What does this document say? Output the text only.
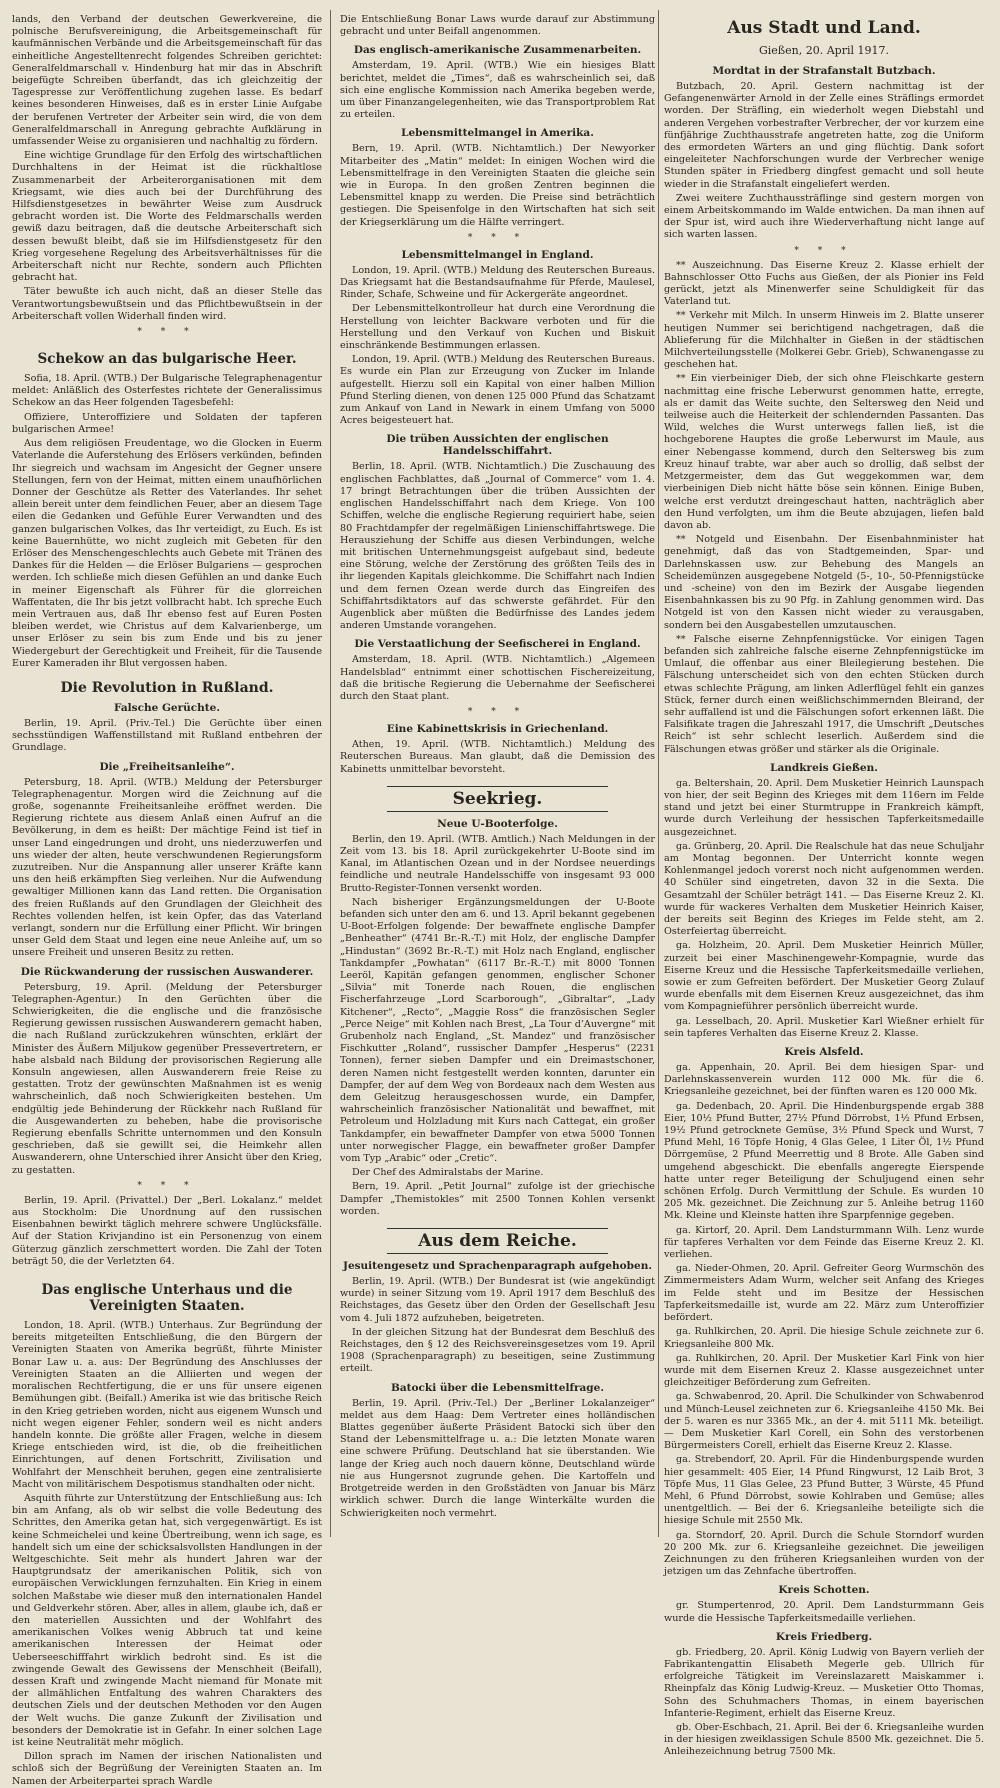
lands, den Verband der deutschen Gewerkvereine, die polnische Berufsvereinigung, die Arbeitsgemeinschaft für kaufmännischen Verbände und die Arbeitsgemeinschaft für das einheitliche Angestelltenrecht folgendes Schreiben gerichtet: Generalfeldmarschall v. Hindenburg hat mir das in Abschrift beigefügte Schreiben überfandt, das ich gleichzeitig der Tagespresse zur Veröffentlichung zugehen lasse. Es bedarf keines besonderen Hinweises, daß es in erster Linie Aufgabe der berufenen Vertreter der Arbeiter sein wird, die von dem Generalfeldmarschall in Anregung gebrachte Aufklärung in umfassender Weise zu organisieren und nachhaltig zu fördern.

Eine wichtige Grundlage für den Erfolg des wirtschaftlichen Durchhaltens in der Heimat ist die rückhaltlose Zusammenarbeit der Arbeiterorganisationen mit dem Kriegsamt, wie dies auch bei der Durchführung des Hilfsdienstgesetzes in bewährter Weise zum Ausdruck gebracht worden ist. Die Worte des Feldmarschalls werden gewiß dazu beitragen, daß die deutsche Arbeiterschaft sich dessen bewußt bleibt, daß sie im Hilfsdienstgesetz für den Krieg vorgesehene Regelung des Arbeitsverhältnisses für die Arbeiterschaft nicht nur Rechte, sondern auch Pflichten gebracht hat.

Täter bewußte ich auch nicht, daß an dieser Stelle das Verantwortungsbewußtsein und das Pflichtbewußtsein in der Arbeiterschaft vollen Widerhall finden wird.

* * *
Schekow an das bulgarische Heer.

Sofia, 18. April. (WTB.) Der Bulgarische Telegraphenagentur meldet: Anläßlich des Osterfestes richtete der Generalissimus Schekow an das Heer folgenden Tagesbefehl:

Offiziere, Unteroffiziere und Soldaten der tapferen bulgarischen Armee!

Aus dem religiösen Freudentage, wo die Glocken in Euerm Vaterlande die Auferstehung des Erlösers verkünden, befinden Ihr siegreich und wachsam im Angesicht der Gegner unsere Stellungen, fern von der Heimat, mitten einem unaufhörlichen Donner der Geschütze als Retter des Vaterlandes. Ihr sehet allein bereit unter dem feindlichen Feuer, aber an diesem Tage eilen die Gedanken und Gefühle Eurer Verwandten und des ganzen bulgarischen Volkes, das Ihr verteidigt, zu Euch. Es ist keine Bauernhütte, wo nicht zugleich mit Gebeten für den Erlöser des Menschengeschlechts auch Gebete mit Tränen des Dankes für die Helden — die Erlöser Bulgariens — gesprochen werden. Ich schließe mich diesen Gefühlen an und danke Euch in meiner Eigenschaft als Führer für die glorreichen Waffentaten, die Ihr bis jetzt vollbracht habt. Ich spreche Euch mein Vertrauen aus, daß Ihr ebenso fest auf Euren Posten bleiben werdet, wie Christus auf dem Kalvarienberge, um unser Erlöser zu sein bis zum Ende und bis zu jener Wiedergeburt der Gerechtigkeit und Freiheit, für die Tausende Eurer Kameraden ihr Blut vergossen haben.

Die Revolution in Rußland.
Falsche Gerüchte.

Berlin, 19. April. (Priv.-Tel.) Die Gerüchte über einen sechsstündigen Waffenstillstand mit Rußland entbehren der Grundlage.

Die „Freiheitsanleihe“.

Petersburg, 18. April. (WTB.) Meldung der Petersburger Telegraphenagentur. Morgen wird die Zeichnung auf die große, sogenannte Freiheitsanleihe eröffnet werden. Die Regierung richtete aus diesem Anlaß einen Aufruf an die Bevölkerung, in dem es heißt: Der mächtige Feind ist tief in unser Land eingedrungen und droht, uns niederzuwerfen und uns wieder der alten, heute verschwundenen Regierungsform zuzutreiben. Nur die Anspannung aller unserer Kräfte kann uns den heiß erkämpften Sieg verleihen. Nur die Aufwendung gewaltiger Millionen kann das Land retten. Die Organisation des freien Rußlands auf den Grundlagen der Gleichheit des Rechtes vollenden helfen, ist kein Opfer, das das Vaterland verlangt, sondern nur die Erfüllung einer Pflicht. Wir bringen unser Geld dem Staat und legen eine neue Anleihe auf, um so unsere Freiheit und unseren Besitz zu retten.

Die Rückwanderung der russischen Auswanderer.

Petersburg, 19. April. (Meldung der Petersburger Telegraphen-Agentur.) In den Gerüchten über die Schwierigkeiten, die die englische und die französische Regierung gewissen russischen Auswanderern gemacht haben, die nach Rußland zurückzukehren wünschten, erklärt der Minister des Äußern Miljukow gegenüber Pressevertretern, er habe alsbald nach Bildung der provisorischen Regierung alle Konsuln angewiesen, allen Auswanderern freie Reise zu gestatten. Trotz der gewünschten Maßnahmen ist es wenig wahrscheinlich, daß noch Schwierigkeiten bestehen. Um endgültig jede Behinderung der Rückkehr nach Rußland für die Ausgewanderten zu beheben, habe die provisorische Regierung ebenfalls Schritte unternommen und den Konsuln geschrieben, daß sie gewillt sei, die Heimkehr allen Auswanderern, ohne Unterschied ihrer Ansicht über den Krieg, zu gestatten.

* * *

Berlin, 19. April. (Privattel.) Der „Berl. Lokalanz.“ meldet aus Stockholm: Die Unordnung auf den russischen Eisenbahnen bewirkt täglich mehrere schwere Unglücksfälle. Auf der Station Krivjandino ist ein Personenzug von einem Güterzug gänzlich zerschmettert worden. Die Zahl der Toten beträgt 50, die der Verletzten 64.

Das englische Unterhaus und die Vereinigten Staaten.

London, 18. April. (WTB.) Unterhaus. Zur Begründung der bereits mitgeteilten Entschließung, die den Bürgern der Vereinigten Staaten von Amerika begrüßt, führte Minister Bonar Law u. a. aus: Der Begründung des Anschlusses der Vereinigten Staaten an die Alliierten und wegen der moralischen Rechtfertigung, die er uns für unsere eigenen Bemühungen gibt. (Beifall.) Amerika ist wie das britische Reich in den Krieg getrieben worden, nicht aus eigenem Wunsch und nicht wegen eigener Fehler, sondern weil es nicht anders handeln konnte. Die größte aller Fragen, welche in diesem Kriege entschieden wird, ist die, ob die freiheitlichen Einrichtungen, auf denen Fortschritt, Zivilisation und Wohlfahrt der Menschheit beruhen, gegen eine zentralisierte Macht von militärischem Despotismus standhalten oder nicht.

Asquith führte zur Unterstützung der Entschließung aus: Ich bin am Anfang, als ob wir selbst die volle Bedeutung des Schrittes, den Amerika getan hat, sich vergegenwärtigt. Es ist keine Schmeichelei und keine Übertreibung, wenn ich sage, es handelt sich um eine der schicksalsvollsten Handlungen in der Weltgeschichte. Seit mehr als hundert Jahren war der Hauptgrundsatz der amerikanischen Politik, sich von europäischen Verwicklungen fernzuhalten. Ein Krieg in einem solchen Maßstabe wie dieser muß den internationalen Handel und Geldverkehr stören. Aber, alles in allem, glaube ich, daß er den materiellen Aussichten und der Wohlfahrt des amerikanischen Volkes wenig Abbruch tat und keine amerikanischen Interessen der Heimat oder Ueberseeschifffahrt wirklich bedroht sind. Es ist die zwingende Gewalt des Gewissens der Menschheit (Beifall), dessen Kraft und zwingende Macht niemand für Monate mit der allmählichen Entfaltung des wahren Charakters des deutschen Ziels und der deutschen Methoden vor den Augen der Welt wuchs. Die ganze Zukunft der Zivilisation und besonders der Demokratie ist in Gefahr. In einer solchen Lage ist keine Neutralität mehr möglich.

Dillon sprach im Namen der irischen Nationalisten und schloß sich der Begrüßung der Vereinigten Staaten an. Im Namen der Arbeiterpartei sprach Wardle

Die Entschließung Bonar Laws wurde darauf zur Abstimmung gebracht und unter Beifall angenommen.

Das englisch-amerikanische Zusammenarbeiten.

Amsterdam, 19. April. (WTB.) Wie ein hiesiges Blatt berichtet, meldet die „Times“, daß es wahrscheinlich sei, daß sich eine englische Kommission nach Amerika begeben werde, um über Finanzangelegenheiten, wie das Transportproblem Rat zu erteilen.

Lebensmittelmangel in Amerika.

Bern, 19. April. (WTB. Nichtamtlich.) Der Newyorker Mitarbeiter des „Matin“ meldet: In einigen Wochen wird die Lebensmittelfrage in den Vereinigten Staaten die gleiche sein wie in Europa. In den großen Zentren beginnen die Lebensmittel knapp zu werden. Die Preise sind beträchtlich gestiegen. Die Speisenfolge in den Wirtschaften hat sich seit der Kriegserklärung um die Hälfte verringert.

* * *
Lebensmittelmangel in England.

London, 19. April. (WTB.) Meldung des Reuterschen Bureaus. Das Kriegsamt hat die Bestandsaufnahme für Pferde, Maulesel, Rinder, Schafe, Schweine und für Ackergeräte angeordnet.

Der Lebensmittelkontrolleur hat durch eine Verordnung die Herstellung von leichter Backware verboten und für die Herstellung und den Verkauf von Kuchen und Biskuit einschränkende Bestimmungen erlassen.

London, 19. April. (WTB.) Meldung des Reuterschen Bureaus. Es wurde ein Plan zur Erzeugung von Zucker im Inlande aufgestellt. Hierzu soll ein Kapital von einer halben Million Pfund Sterling dienen, von denen 125 000 Pfund das Schatzamt zum Ankauf von Land in Newark in einem Umfang von 5000 Acres beigesteuert hat.

Die trüben Aussichten der englischen Handelsschiffahrt.

Berlin, 18. April. (WTB. Nichtamtlich.) Die Zuschauung des englischen Fachblattes, daß „Journal of Commerce“ vom 1. 4. 17 bringt Betrachtungen über die trüben Aussichten der englischen Handelsschiffahrt nach dem Kriege. Von 100 Schiffen, welche die englische Regierung requiriert habe, seien 80 Frachtdampfer der regelmäßigen Linienschiffahrtswege. Die Herausziehung der Schiffe aus diesen Verbindungen, welche mit britischen Unternehmungsgeist aufgebaut sind, bedeute eine Störung, welche der Zerstörung des größten Teils des in ihr liegenden Kapitals gleichkomme. Die Schiffahrt nach Indien und dem fernen Ozean werde durch das Eingreifen des Schiffahrtsdiktators auf das schwerste gefährdet. Für den Augenblick aber müßten die Bedürfnisse des Landes jedem anderen Umstande vorangehen.

Die Verstaatlichung der Seefischerei in England.

Amsterdam, 18. April. (WTB. Nichtamtlich.) „Algemeen Handelsblad“ entnimmt einer schottischen Fischereizeitung, daß die britische Regierung die Uebernahme der Seefischerei durch den Staat plant.

* * *
Eine Kabinettskrisis in Griechenland.

Athen, 19. April. (WTB. Nichtamtlich.) Meldung des Reuterschen Bureaus. Man glaubt, daß die Demission des Kabinetts unmittelbar bevorsteht.

Seekrieg.
Neue U-Booterfolge.

Berlin, den 19. April. (WTB. Amtlich.) Nach Meldungen in der Zeit vom 13. bis 18. April zurückgekehrter U-Boote sind im Kanal, im Atlantischen Ozean und in der Nordsee neuerdings feindliche und neutrale Handelsschiffe von insgesamt 93 000 Brutto-Register-Tonnen versenkt worden.

Nach bisheriger Ergänzungsmeldungen der U-Boote befanden sich unter den am 6. und 13. April bekannt gegebenen U-Boot-Erfolgen folgende: Der bewaffnete englische Dampfer „Benheather“ (4741 Br.-R.-T.) mit Holz, der englische Dampfer „Hindustan“ (3692 Br.-R.-T.) mit Holz nach England, englischer Tankdampfer „Powhatan“ (6117 Br.-R.-T.) mit 8000 Tonnen Leeröl, Kapitän gefangen genommen, englischer Schoner „Silvia“ mit Tonerde nach Rouen, die englischen Fischerfahrzeuge „Lord Scarborough“, „Gibraltar“, „Lady Kitchener“, „Recto“, „Maggie Ross“ die französischen Segler „Perce Neige“ mit Kohlen nach Brest, „La Tour d’Auvergne“ mit Grubenholz nach England, „St. Mandez“ und französischer Fischkutter „Roland“, russischer Dampfer „Hesperus“ (2231 Tonnen), ferner sieben Dampfer und ein Dreimastschoner, deren Namen nicht festgestellt werden konnten, darunter ein Dampfer, der auf dem Weg von Bordeaux nach dem Westen aus dem Geleitzug herausgeschossen wurde, ein Dampfer, wahrscheinlich französischer Nationalität und bewaffnet, mit Petroleum und Holzladung mit Kurs nach Cattegat, ein großer Tankdampfer, ein bewaffneter Dampfer von etwa 5000 Tonnen unter norwegischer Flagge, ein bewaffneter großer Dampfer vom Typ „Arabic“ oder „Cretic“.

Der Chef des Admiralstabs der Marine.

Bern, 19. April. „Petit Journal“ zufolge ist der griechische Dampfer „Themistokles“ mit 2500 Tonnen Kohlen versenkt worden.

Aus dem Reiche.
Jesuitengesetz und Sprachenparagraph aufgehoben.

Berlin, 19. April. (WTB.) Der Bundesrat ist (wie angekündigt wurde) in seiner Sitzung vom 19. April 1917 dem Beschluß des Reichstages, das Gesetz über den Orden der Gesellschaft Jesu vom 4. Juli 1872 aufzuheben, beigetreten.

In der gleichen Sitzung hat der Bundesrat dem Beschluß des Reichstages, den § 12 des Reichsvereinsgesetzes vom 19. April 1908 (Sprachenparagraph) zu beseitigen, seine Zustimmung erteilt.

Batocki über die Lebensmittelfrage.

Berlin, 19. April. (Priv.-Tel.) Der „Berliner Lokalanzeiger“ meldet aus dem Haag: Dem Vertreter eines holländischen Blattes gegenüber äußerte Präsident Batocki sich über den Stand der Lebensmittelfrage u. a.: Die letzten Monate waren eine schwere Prüfung. Deutschland hat sie überstanden. Wie lange der Krieg auch noch dauern könne, Deutschland würde nie aus Hungersnot zugrunde gehen. Die Kartoffeln und Brotgetreide werden in den Großstädten von Januar bis März wirklich schwer. Durch die lange Winterkälte wurden die Schwierigkeiten noch vermehrt.

Aus Stadt und Land.
Gießen, 20. April 1917.
Mordtat in der Strafanstalt Butzbach.

Butzbach, 20. April. Gestern nachmittag ist der Gefangenenwärter Arnold in der Zelle eines Sträflings ermordet worden. Der Sträfling, ein wiederholt wegen Diebstahl und anderen Vergehen vorbestrafter Verbrecher, der vor kurzem eine fünfjährige Zuchthausstrafe angetreten hatte, zog die Uniform des ermordeten Wärters an und ging flüchtig. Dank sofort eingeleiteter Nachforschungen wurde der Verbrecher wenige Stunden später in Friedberg dingfest gemacht und soll heute wieder in die Strafanstalt eingeliefert werden.

Zwei weitere Zuchthaussträflinge sind gestern morgen von einem Arbeitskommando im Walde entwichen. Da man ihnen auf der Spur ist, wird auch ihre Wiederverhaftung nicht lange auf sich warten lassen.

* * *

** Auszeichnung. Das Eiserne Kreuz 2. Klasse erhielt der Bahnschlosser Otto Fuchs aus Gießen, der als Pionier ins Feld gerückt, jetzt als Minenwerfer seine Schuldigkeit für das Vaterland tut.

** Verkehr mit Milch. In unserm Hinweis im 2. Blatte unserer heutigen Nummer sei berichtigend nachgetragen, daß die Ablieferung für die Milchhalter in Gießen in der städtischen Milchverteilungsstelle (Molkerei Gebr. Grieb), Schwanengasse zu geschehen hat.

** Ein vierbeiniger Dieb, der sich ohne Fleischkarte gestern nachmittag eine frische Leberwurst genommen hatte, erregte, als er damit das Weite suchte, den Seltersweg den Neid und teilweise auch die Heiterkeit der schlendernden Passanten. Das Wild, welches die Wurst unterwegs fallen ließ, ist die hochgeborene Hauptes die große Leberwurst im Maule, aus einer Nebengasse kommend, durch den Seltersweg bis zum Kreuz hinauf trabte, war aber auch so drollig, daß selbst der Metzgermeister, dem das Gut weggekommen war, dem vierbeinigen Dieb nicht hätte böse sein können. Einige Buben, welche erst verdutzt dreingeschaut hatten, nachträglich aber den Hund verfolgten, um ihm die Beute abzujagen, liefen bald davon ab.

** Notgeld und Eisenbahn. Der Eisenbahnminister hat genehmigt, daß das von Stadtgemeinden, Spar- und Darlehnskassen usw. zur Behebung des Mangels an Scheidemünzen ausgegebene Notgeld (5-, 10-, 50-Pfennigstücke und -scheine) von den im Bezirk der Ausgabe liegenden Eisenbahnkassen bis zu 90 Pfg. in Zahlung genommen wird. Das Notgeld ist von den Kassen nicht wieder zu verausgaben, sondern bei den Ausgabestellen umzutauschen.

** Falsche eiserne Zehnpfennigstücke. Vor einigen Tagen befanden sich zahlreiche falsche eiserne Zehnpfennigstücke im Umlauf, die offenbar aus einer Bleilegierung bestehen. Die Fälschung unterscheidet sich von den echten Stücken durch etwas schlechte Prägung, am linken Adlerflügel fehlt ein ganzes Stück, ferner durch einen weißlichschimmernden Bleirand, der sehr auffallend ist und die Fälschungen sofort erkennen läßt. Die Falsifikate tragen die Jahreszahl 1917, die Umschrift „Deutsches Reich“ ist sehr schlecht leserlich. Außerdem sind die Fälschungen etwas größer und stärker als die Originale.

Landkreis Gießen.

ga. Beltershain, 20. April. Dem Musketier Heinrich Launspach von hier, der seit Beginn des Krieges mit dem 116ern im Felde stand und jetzt bei einer Sturmtruppe in Frankreich kämpft, wurde durch Verleihung der hessischen Tapferkeitsmedaille ausgezeichnet.

ga. Grünberg, 20. April. Die Realschule hat das neue Schuljahr am Montag begonnen. Der Unterricht konnte wegen Kohlenmangel jedoch vorerst noch nicht aufgenommen werden. 40 Schüler sind eingetreten, davon 32 in die Sexta. Die Gesamtzahl der Schüler beträgt 141. — Das Eiserne Kreuz 2. Kl. wurde für wackeres Verhalten dem Musketier Heinrich Kaiser, der bereits seit Beginn des Krieges im Felde steht, am 2. Osterfeiertag überreicht.

ga. Holzheim, 20. April. Dem Musketier Heinrich Müller, zurzeit bei einer Maschinengewehr-Kompagnie, wurde das Eiserne Kreuz und die Hessische Tapferkeitsmedaille verliehen, sowie er zum Gefreiten befördert. Der Musketier Georg Zulauf wurde ebenfalls mit dem Eisernen Kreuz ausgezeichnet, das ihm vom Kompagnieführer persönlich überreicht wurde.

ga. Lesselbach, 20. April. Musketier Karl Wießner erhielt für sein tapferes Verhalten das Eiserne Kreuz 2. Klasse.

Kreis Alsfeld.

ga. Appenhain, 20. April. Bei dem hiesigen Spar- und Darlehnskassenverein wurden 112 000 Mk. für die 6. Kriegsanleihe gezeichnet, bei der fünften waren es 120 000 Mk.

ga. Dedenbach, 20. April. Die Hindenburgspende ergab 388 Eier, 10½ Pfund Butter, 27½ Pfund Dörrobst, 1½ Pfund Erbsen, 19½ Pfund getrocknete Gemüse, 3½ Pfund Speck und Wurst, 7 Pfund Mehl, 16 Töpfe Honig, 4 Glas Gelee, 1 Liter Öl, 1½ Pfund Dörrgemüse, 2 Pfund Meerrettig und 8 Brote. Alle Gaben sind umgehend abgeschickt. Die ebenfalls angeregte Eierspende hatte unter reger Beteiligung der Schuljugend einen sehr schönen Erfolg. Durch Vermittlung der Schule. Es wurden 10 205 Mk. gezeichnet. Die Zeichnung zur 5. Anleihe betrug 1160 Mk. Kleine und Kleinste hatten ihre Sparpfennige gegeben.

ga. Kirtorf, 20. April. Dem Landsturmmann Wilh. Lenz wurde für tapferes Verhalten vor dem Feinde das Eiserne Kreuz 2. Kl. verliehen.

ga. Nieder-Ohmen, 20. April. Gefreiter Georg Wurmschön des Zimmermeisters Adam Wurm, welcher seit Anfang des Krieges im Felde steht und im Besitze der Hessischen Tapferkeitsmedaille ist, wurde am 22. März zum Unteroffizier befördert.

ga. Ruhlkirchen, 20. April. Die hiesige Schule zeichnete zur 6. Kriegsanleihe 800 Mk.

ga. Ruhlkirchen, 20. April. Der Musketier Karl Fink von hier wurde mit dem Eisernen Kreuz 2. Klasse ausgezeichnet unter gleichzeitiger Beförderung zum Gefreiten.

ga. Schwabenrod, 20. April. Die Schulkinder von Schwabenrod und Münch-Leusel zeichneten zur 6. Kriegsanleihe 4150 Mk. Bei der 5. waren es nur 3365 Mk., an der 4. mit 5111 Mk. beteiligt. — Dem Musketier Karl Corell, ein Sohn des verstorbenen Bürgermeisters Corell, erhielt das Eiserne Kreuz 2. Klasse.

ga. Strebendorf, 20. April. Für die Hindenburgspende wurden hier gesammelt: 405 Eier, 14 Pfund Ringwurst, 12 Laib Brot, 3 Töpfe Mus, 11 Glas Gelee, 23 Pfund Butter, 3 Würste, 45 Pfund Mehl, 6 Pfund Dörrobst, sowie Kohlraben und Gemüse; alles unentgeltlich. — Bei der 6. Kriegsanleihe beteiligte sich die hiesige Schule mit 2550 Mk.

ga. Storndorf, 20. April. Durch die Schule Storndorf wurden 20 200 Mk. zur 6. Kriegsanleihe gezeichnet. Die jeweiligen Zeichnungen zu den früheren Kriegsanleihen wurden von der jetzigen um das Zehnfache übertroffen.

Kreis Schotten.

gr. Stumpertenrod, 20. April. Dem Landsturmmann Geis wurde die Hessische Tapferkeitsmedaille verliehen.

Kreis Friedberg.

gb. Friedberg, 20. April. König Ludwig von Bayern verlieh der Fabrikantengattin Elisabeth Megerle geb. Ullrich für erfolgreiche Tätigkeit im Vereinslazarett Maiskammer i. Rheinpfalz das König Ludwig-Kreuz. — Musketier Otto Thomas, Sohn des Schuhmachers Thomas, in einem bayerischen Infanterie-Regiment, erhielt das Eiserne Kreuz.

gb. Ober-Eschbach, 21. April. Bei der 6. Kriegsanleihe wurden in der hiesigen zweiklassigen Schule 8500 Mk. gezeichnet. Die 5. Anleihezeichnung betrug 7500 Mk.
